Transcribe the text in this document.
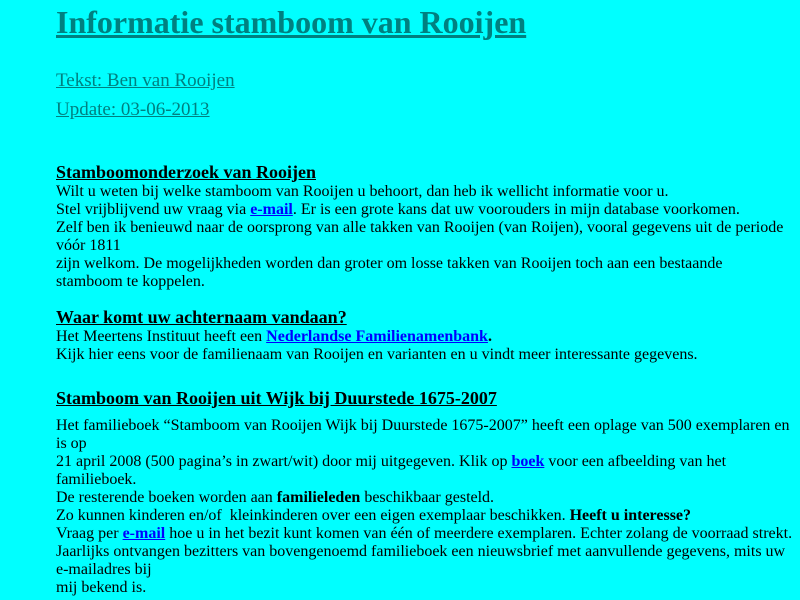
Informatie stamboom van Rooijen
Tekst: Ben van Rooijen
Update: 03-06-2013
Stamboomonderzoek van Rooijen
Wilt u weten bij welke stamboom van Rooijen u behoort, dan heb ik wellicht informatie voor u.
Stel vrijblijvend uw vraag via e-mail. Er is een grote kans dat uw voorouders in mijn database voorkomen.
Zelf ben ik benieuwd naar de oorsprong van alle takken van Rooijen (van Roijen), vooral gegevens uit de periode
vóór 1811
zijn welkom. De mogelijkheden worden dan groter om losse takken van Rooijen toch aan een bestaande
stamboom te koppelen.
Waar komt uw achternaam vandaan?
Het Meertens Instituut heeft een Nederlandse Familienamenbank.
Kijk hier eens voor de familienaam van Rooijen en varianten en u vindt meer interessante gegevens.
Stamboom van Rooijen uit Wijk bij Duurstede 1675-2007
Het familieboek “Stamboom van Rooijen Wijk bij Duurstede 1675-2007” heeft een oplage van 500 exemplaren en
is op
21 april 2008 (500 pagina’s in zwart/wit) door mij uitgegeven. Klik op boek voor een afbeelding van het
familieboek.
De resterende boeken worden aan familieleden beschikbaar gesteld.
Zo kunnen kinderen en/of  kleinkinderen over een eigen exemplaar beschikken. Heeft u interesse?
Vraag per e-mail hoe u in het bezit kunt komen van één of meerdere exemplaren. Echter zolang de voorraad strekt.
Jaarlijks ontvangen bezitters van bovengenoemd familieboek een nieuwsbrief met aanvullende gegevens, mits uw
e-mailadres bij
mij bekend is.
